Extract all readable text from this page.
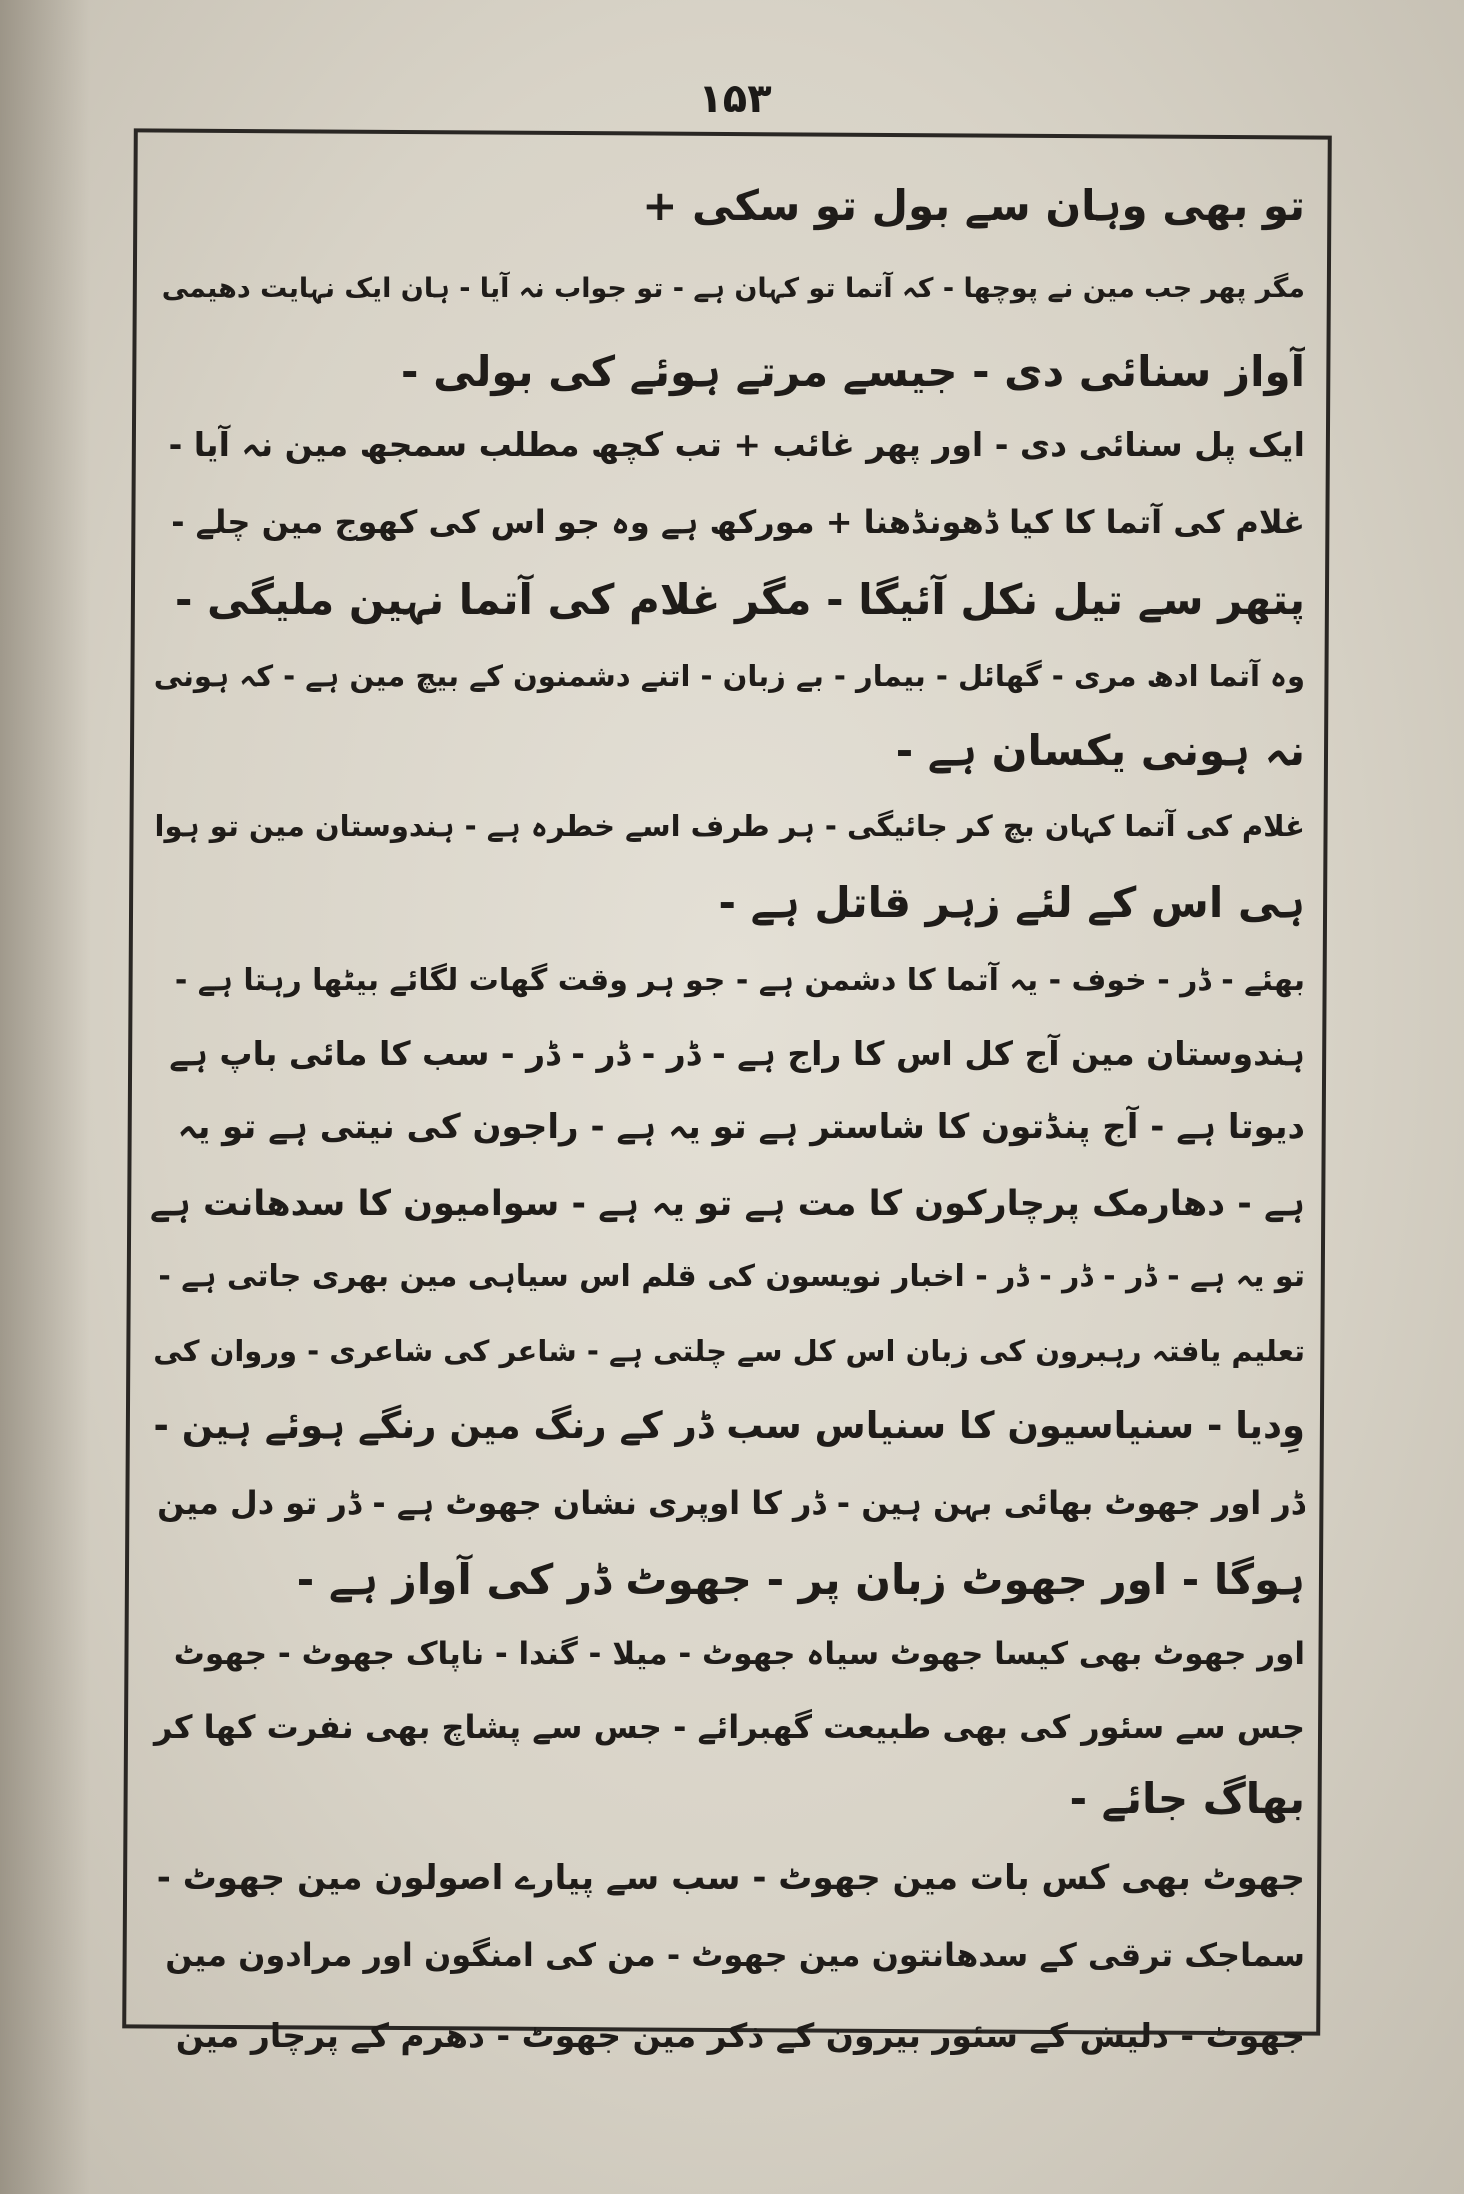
۱۵۳
تو بھی وہان سے بول تو سکی +
مگر پھر جب مین نے پوچھا - کہ آتما تو کہان ہے - تو جواب نہ آیا - ہان ایک نہایت دھیمی
آواز سنائی دی - جیسے مرتے ہوئے کی بولی -
ایک پل سنائی دی - اور پھر غائب + تب کچھ مطلب سمجھ مین نہ آیا -
غلام کی آتما کا کیا ڈھونڈھنا + مورکھ ہے وہ جو اس کی کھوج مین چلے -
پتھر سے تیل نکل آئیگا - مگر غلام کی آتما نہین ملیگی -
وہ آتما ادھ مری - گھائل - بیمار - بے زبان - اتنے دشمنون کے بیچ مین ہے - کہ ہونی
نہ ہونی یکسان ہے -
غلام کی آتما کہان بچ کر جائیگی - ہر طرف اسے خطرہ ہے - ہندوستان مین تو ہوا
ہی اس کے لئے زہر قاتل ہے -
بھئے - ڈر - خوف - یہ آتما کا دشمن ہے - جو ہر وقت گھات لگائے بیٹھا رہتا ہے -
ہندوستان مین آج کل اس کا راج ہے - ڈر - ڈر - ڈر - سب کا مائی باپ ہے
دیوتا ہے - آج پنڈتون کا شاستر ہے تو یہ ہے - راجون کی نیتی ہے تو یہ
ہے - دھارمک پرچارکون کا مت ہے تو یہ ہے - سوامیون کا سدھانت ہے
تو یہ ہے - ڈر - ڈر - ڈر - اخبار نویسون کی قلم اس سیاہی مین بھری جاتی ہے -
تعلیم یافتہ رہبرون کی زبان اس کل سے چلتی ہے - شاعر کی شاعری - وروان کی
وِدیا - سنیاسیون کا سنیاس سب ڈر کے رنگ مین رنگے ہوئے ہین -
ڈر اور جھوٹ بھائی بہن ہین - ڈر کا اوپری نشان جھوٹ ہے - ڈر تو دل مین
ہوگا - اور جھوٹ زبان پر - جھوٹ ڈر کی آواز ہے -
اور جھوٹ بھی کیسا جھوٹ سیاہ جھوٹ - میلا - گندا - ناپاک جھوٹ - جھوٹ
جس سے سئور کی بھی طبیعت گھبرائے - جس سے پشاچ بھی نفرت کھا کر
بھاگ جائے -
جھوٹ بھی کس بات مین جھوٹ - سب سے پیارے اصولون مین جھوٹ -
سماجک ترقی کے سدھانتون مین جھوٹ - من کی امنگون اور مرادون مین
جھوٹ - دلیش کے سئور بیرون کے ذکر مین جھوٹ - دھرم کے پرچار مین
